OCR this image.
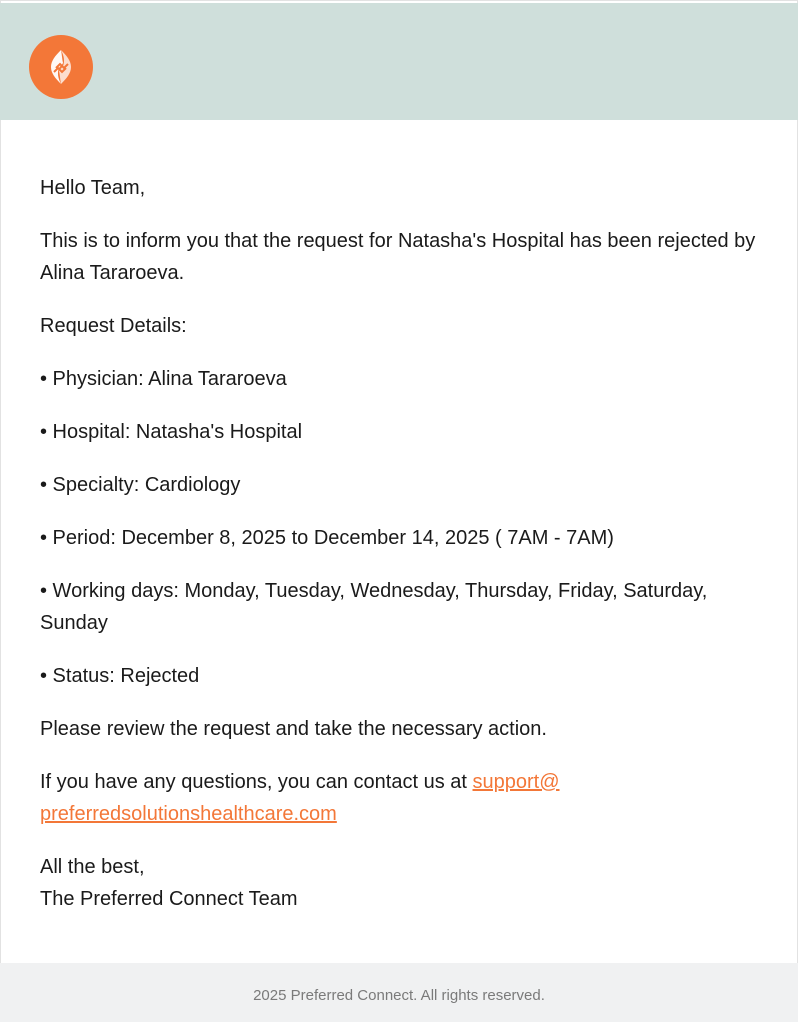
Hello Team,

This is to inform you that the request for Natasha's Hospital has been rejected by Alina Tararoeva.

Request Details:

• Physician: Alina Tararoeva

• Hospital: Natasha's Hospital

• Specialty: Cardiology

• Period: December 8, 2025 to December 14, 2025 ( 7AM - 7AM)

• Working days: Monday, Tuesday, Wednesday, Thursday, Friday, Saturday, Sunday

• Status: Rejected

Please review the request and take the necessary action.

If you have any questions, you can contact us at support@
preferredsolutionshealthcare.com

All the best,
The Preferred Connect Team

2025 Preferred Connect. All rights reserved.
